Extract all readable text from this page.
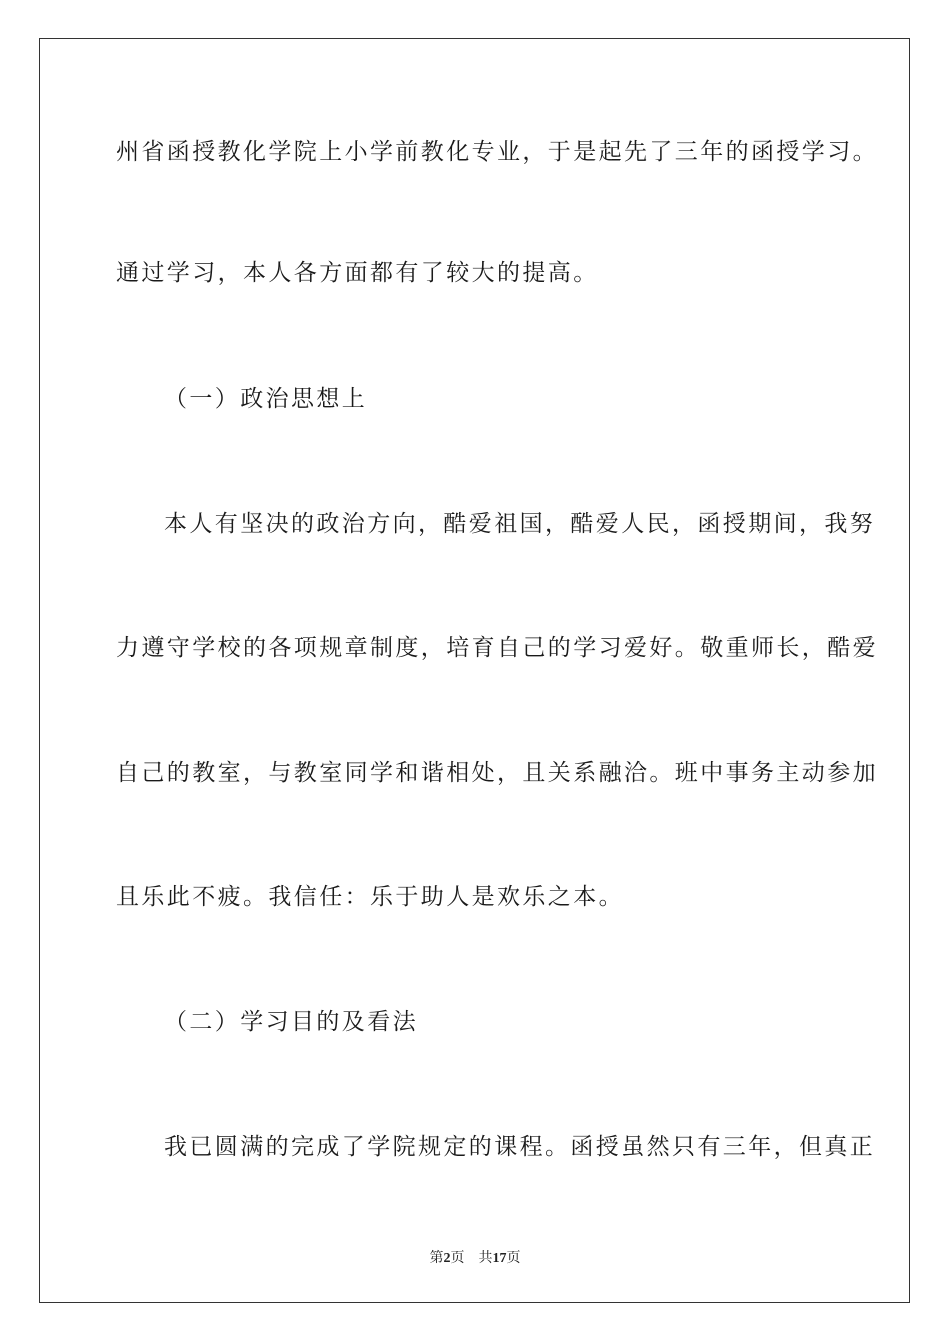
州省函授教化学院上小学前教化专业，于是起先了三年的函授学习。
通过学习，本人各方面都有了较大的提高。
（一）政治思想上
本人有坚决的政治方向，酷爱祖国，酷爱人民，函授期间，我努
力遵守学校的各项规章制度，培育自己的学习爱好。敬重师长，酷爱
自己的教室，与教室同学和谐相处，且关系融洽。班中事务主动参加
且乐此不疲。我信任：乐于助人是欢乐之本。
（二）学习目的及看法
我已圆满的完成了学院规定的课程。函授虽然只有三年，但真正
第2页 共17页
